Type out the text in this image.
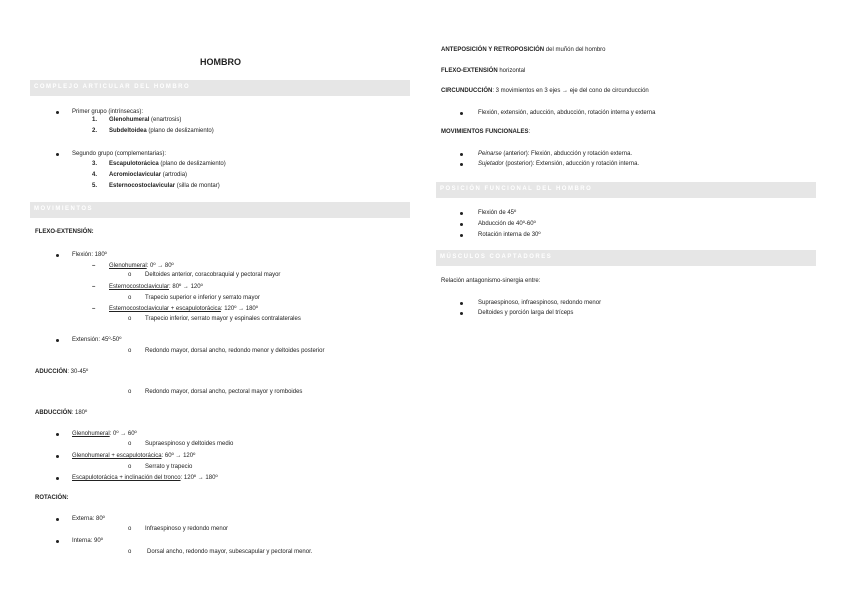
HOMBRO
COMPLEJO ARTICULAR DEL HOMBRO
Primer grupo (intrínsecas):
1. Glenohumeral (enartrosis)
2. Subdeltoidea (plano de deslizamiento)
Segundo grupo (complementarias):
3. Escapulotorácica (plano de deslizamiento)
4. Acromioclavicular (artrodia)
5. Esternocostoclavicular (silla de montar)
MOVIMIENTOS
FLEXO-EXTENSIÓN:
Flexión: 180º
– Glenohumeral: 0º → 80º
o Deltoides anterior, coracobraquial y pectoral mayor
– Esternocostoclavicular: 80º → 120º
o Trapecio superior e inferior y serrato mayor
– Esternocostoclavicular + escapulotorácica: 120º → 180º
o Trapecio inferior, serrato mayor y espinales contralaterales
Extensión: 45º-50º
o Redondo mayor, dorsal ancho, redondo menor y deltoides posterior
ADUCCIÓN: 30-45º
o Redondo mayor, dorsal ancho, pectoral mayor y romboides
ABDUCCIÓN: 180º
Glenohumeral: 0º → 60º
o Supraespinoso y deltoides medio
Glenohumeral + escapulotorácica: 60º → 120º
o Serrato y trapecio
Escapulotorácica + inclinación del tronco: 120º → 180º
ROTACIÓN:
Externa: 80º
o Infraespinoso y redondo menor
Interna: 90º
o	Dorsal ancho, redondo mayor, subescapular y pectoral menor.
ANTEPOSICIÓN Y RETROPOSICIÓN del muñón del hombro
FLEXO-EXTENSIÓN horizontal
CIRCUNDUCCIÓN: 3 movimientos en 3 ejes → eje del cono de circunducción
Flexión, extensión, aducción, abducción, rotación interna y externa
MOVIMIENTOS FUNCIONALES:
Peinarse (anterior): Flexión, abducción y rotación externa.
Sujetador (posterior): Extensión, aducción y rotación interna.
POSICIÓN FUNCIONAL DEL HOMBRO
Flexión de 45º
Abducción de 40º-60º
Rotación interna de 30º
MÚSCULOS COAPTADORES
Relación antagonismo-sinergia entre:
Supraespinoso, infraespinoso, redondo menor
Deltoides y porción larga del tríceps
